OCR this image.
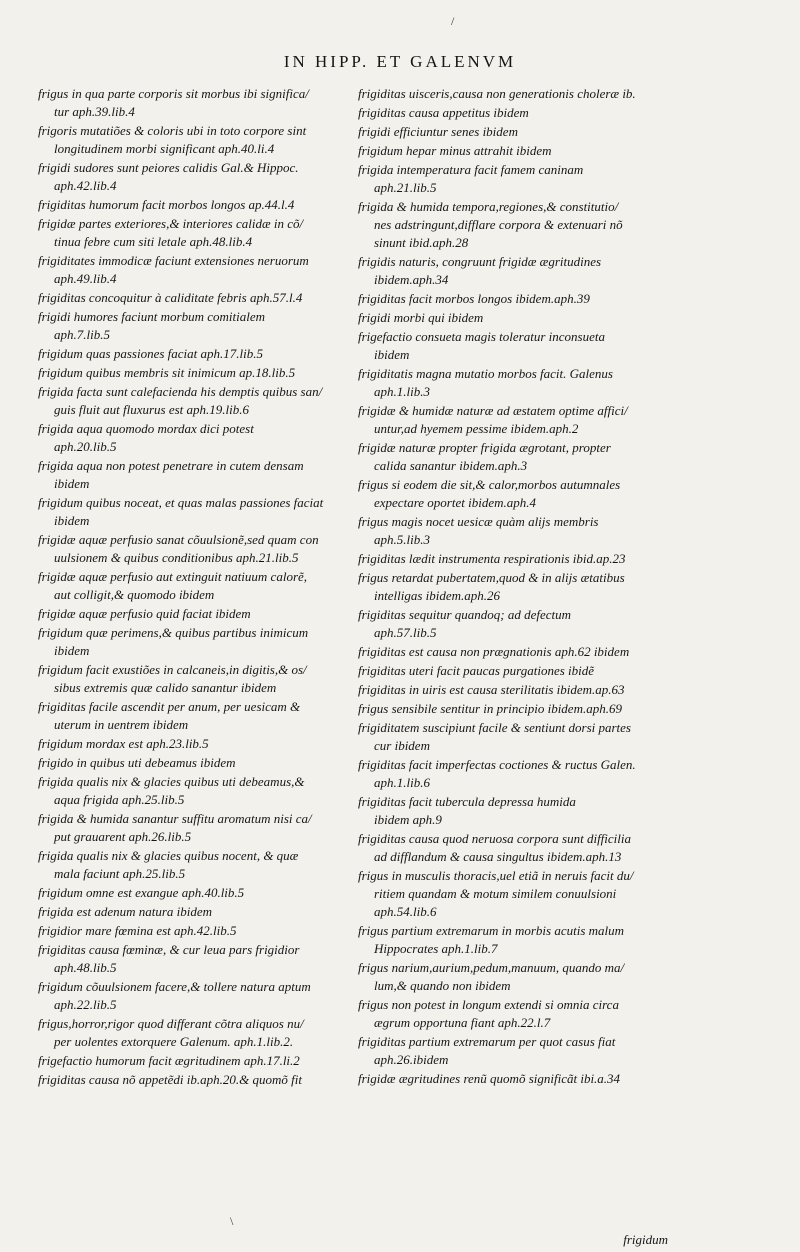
/
IN HIPP. ET GALENVM
frigus in qua parte corporis sit morbus ibi significa/
tur aph.39.lib.4
frigoris mutatiões & coloris ubi in toto corpore sint
longitudinem morbi significant aph.40.li.4
frigidi sudores sunt peiores calidis Gal.& Hippoc.
aph.42.lib.4
frigiditas humorum facit morbos longos ap.44.l.4
frigidæ partes exteriores,& interiores calidæ in cõ/
tinua febre cum siti letale aph.48.lib.4
frigiditates immodicæ faciunt extensiones neruorum
aph.49.lib.4
frigiditas concoquitur à caliditate febris aph.57.l.4
frigidi humores faciunt morbum comitialem
aph.7.lib.5
frigidum quas passiones faciat aph.17.lib.5
frigidum quibus membris sit inimicum ap.18.lib.5
frigida facta sunt calefacienda his demptis quibus san/
guis fluit aut fluxurus est aph.19.lib.6
frigida aqua quomodo mordax dici potest
aph.20.lib.5
frigida aqua non potest penetrare in cutem densam
ibidem
frigidum quibus noceat, et quas malas passiones faciat
ibidem
frigidæ aquæ perfusio sanat cõuulsionẽ,sed quam con
uulsionem & quibus conditionibus aph.21.lib.5
frigidæ aquæ perfusio aut extinguit natiuum calorẽ,
aut colligit,& quomodo ibidem
frigidæ aquæ perfusio quid faciat ibidem
frigidum quæ perimens,& quibus partibus inimicum
ibidem
frigidum facit exustiões in calcaneis,in digitis,& os/
sibus extremis quæ calido sanantur ibidem
frigiditas facile ascendit per anum, per uesicam &
uterum in uentrem ibidem
frigidum mordax est aph.23.lib.5
frigido in quibus uti debeamus ibidem
frigida qualis nix & glacies quibus uti debeamus,&
aqua frigida aph.25.lib.5
frigida & humida sanantur suffitu aromatum nisi ca/
put grauarent aph.26.lib.5
frigida qualis nix & glacies quibus nocent, & quæ
mala faciunt aph.25.lib.5
frigidum omne est exangue aph.40.lib.5
frigida est adenum natura ibidem
frigidior mare fœmina est aph.42.lib.5
frigiditas causa fœminæ, & cur leua pars frigidior
aph.48.lib.5
frigidum cõuulsionem facere,& tollere natura aptum
aph.22.lib.5
frigus,horror,rigor quod differant cõtra aliquos nu/
per uolentes extorquere Galenum. aph.1.lib.2.
frigefactio humorum facit ægritudinem aph.17.li.2
frigiditas causa nõ appetẽdi ib.aph.20.& quomõ fit
frigiditas uisceris,causa non generationis choleræ ib.
frigiditas causa appetitus ibidem
frigidi efficiuntur senes ibidem
frigidum hepar minus attrahit ibidem
frigida intemperatura facit famem caninam
aph.21.lib.5
frigida & humida tempora,regiones,& constitutio/
nes adstringunt,difflare corpora & extenuari nõ
sinunt ibid.aph.28
frigidis naturis, congruunt frigidæ ægritudines
ibidem.aph.34
frigiditas facit morbos longos ibidem.aph.39
frigidi morbi qui ibidem
frigefactio consueta magis toleratur inconsueta
ibidem
frigiditatis magna mutatio morbos facit. Galenus
aph.1.lib.3
frigidæ & humidæ naturæ ad æstatem optime affici/
untur,ad hyemem pessime ibidem.aph.2
frigidæ naturæ propter frigida ægrotant, propter
calida sanantur ibidem.aph.3
frigus si eodem die sit,& calor,morbos autumnales
expectare oportet ibidem.aph.4
frigus magis nocet uesicæ quàm alijs membris
aph.5.lib.3
frigiditas lædit instrumenta respirationis ibid.ap.23
frigus retardat pubertatem,quod & in alijs ætatibus
intelligas ibidem.aph.26
frigiditas sequitur quandoq; ad defectum
aph.57.lib.5
frigiditas est causa non prægnationis aph.62 ibidem
frigiditas uteri facit paucas purgationes ibidẽ
frigiditas in uiris est causa sterilitatis ibidem.ap.63
frigus sensibile sentitur in principio ibidem.aph.69
frigiditatem suscipiunt facile & sentiunt dorsi partes
cur ibidem
frigiditas facit imperfectas coctiones & ructus Galen.
aph.1.lib.6
frigiditas facit tubercula depressa humida
ibidem aph.9
frigiditas causa quod neruosa corpora sunt difficilia
ad difflandum & causa singultus ibidem.aph.13
frigus in musculis thoracis,uel etiã in neruis facit du/
ritiem quandam & motum similem conuulsioni
aph.54.lib.6
frigus partium extremarum in morbis acutis malum
Hippocrates aph.1.lib.7
frigus narium,aurium,pedum,manuum, quando ma/
lum,& quando non ibidem
frigus non potest in longum extendi si omnia circa
ægrum opportuna fiant aph.22.l.7
frigiditas partium extremarum per quot casus fiat
aph.26.ibidem
frigidæ ægritudines renũ quomõ significãt ibi.a.34
frigidum
\
